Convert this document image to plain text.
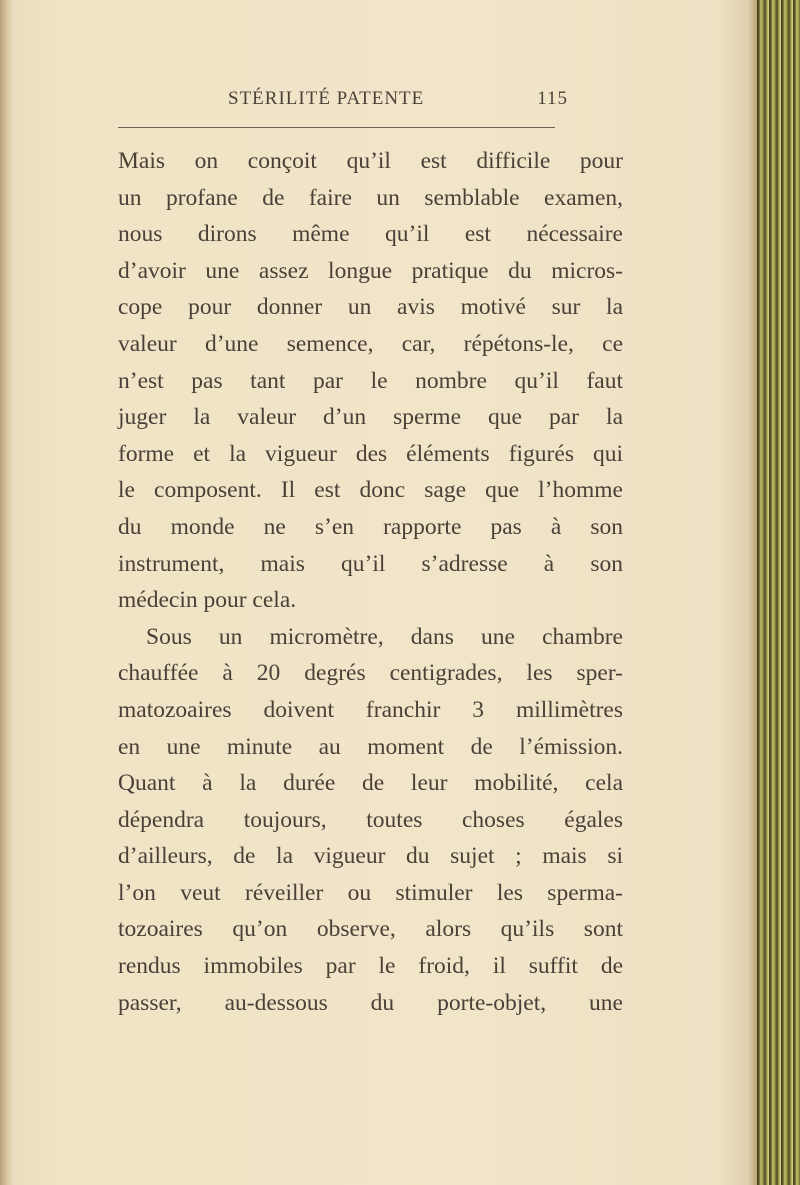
STÉRILITÉ PATENTE	115
Mais on conçoit qu’il est difficile pour
un profane de faire un semblable examen,
nous dirons même qu’il est nécessaire
d’avoir une assez longue pratique du micros-
cope pour donner un avis motivé sur la
valeur d’une semence, car, répétons-le, ce
n’est pas tant par le nombre qu’il faut
juger la valeur d’un sperme que par la
forme et la vigueur des éléments figurés qui
le composent. Il est donc sage que l’homme
du monde ne s’en rapporte pas à son
instrument, mais qu’il s’adresse à son
médecin pour cela.
Sous un micromètre, dans une chambre
chauffée à 20 degrés centigrades, les sper-
matozoaires doivent franchir 3 millimètres
en une minute au moment de l’émission.
Quant à la durée de leur mobilité, cela
dépendra toujours, toutes choses égales
d’ailleurs, de la vigueur du sujet ; mais si
l’on veut réveiller ou stimuler les sperma-
tozoaires qu’on observe, alors qu’ils sont
rendus immobiles par le froid, il suffit de
passer, au-dessous du porte-objet, une
